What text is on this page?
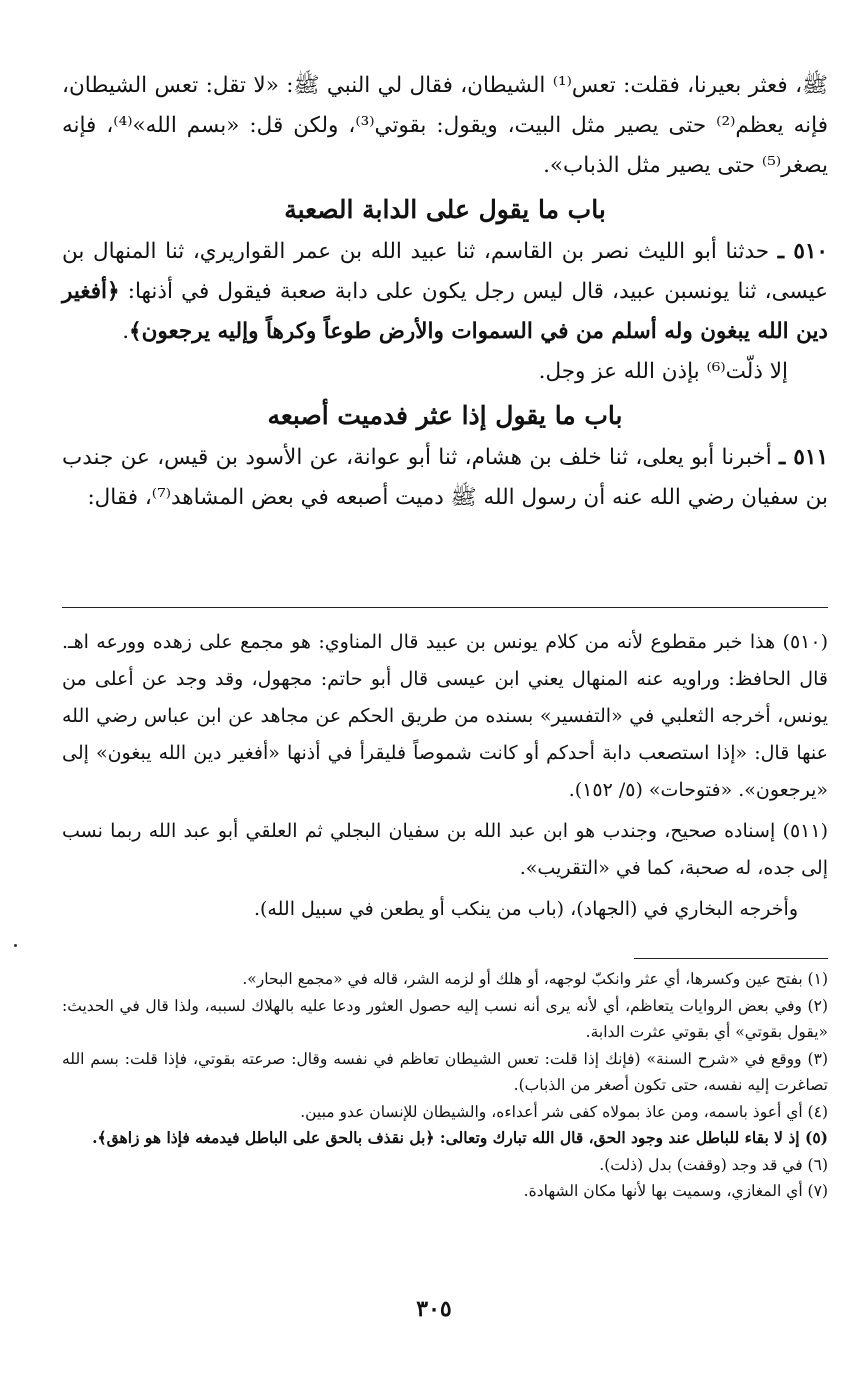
ﷺ، فعثر بعيرنا، فقلت: تعس⁽¹⁾ الشيطان، فقال لي النبي ﷺ: «لا تقل: تعس الشيطان، فإنه يعظم⁽²⁾ حتى يصير مثل البيت، ويقول: بقوتي⁽³⁾، ولكن قل: «بسم الله»⁽⁴⁾، فإنه يصغر⁽⁵⁾ حتى يصير مثل الذباب».

باب ما يقول على الدابة الصعبة

٥١٠ ـ حدثنا أبو الليث نصر بن القاسم، ثنا عبيد الله بن عمر القواريري، ثنا المنهال بن عيسى، ثنا يونسبن عبيد، قال ليس رجل يكون على دابة صعبة فيقول في أذنها: ﴿أفغير دين الله يبغون وله أسلم من في السموات والأرض طوعاً وكرهاً وإليه يرجعون﴾.

إلا ذلّت⁽⁶⁾ بإذن الله عز وجل.

باب ما يقول إذا عثر فدميت أصبعه

٥١١ ـ أخبرنا أبو يعلى، ثنا خلف بن هشام، ثنا أبو عوانة، عن الأسود بن قيس، عن جندب بن سفيان رضي الله عنه أن رسول الله ﷺ دميت أصبعه في بعض المشاهد⁽⁷⁾، فقال:

(٥١٠) هذا خبر مقطوع لأنه من كلام يونس بن عبيد قال المناوي: هو مجمع على زهده وورعه اهـ. قال الحافظ: وراويه عنه المنهال يعني ابن عيسى قال أبو حاتم: مجهول، وقد وجد عن أعلى من يونس، أخرجه الثعلبي في «التفسير» بسنده من طريق الحكم عن مجاهد عن ابن عباس رضي الله عنها قال: «إذا استصعب دابة أحدكم أو كانت شموصاً فليقرأ في أذنها «أفغير دين الله يبغون» إلى «يرجعون». «فتوحات» (٥/ ١٥٢).

(٥١١) إسناده صحيح، وجندب هو ابن عبد الله بن سفيان البجلي ثم العلقي أبو عبد الله ربما نسب إلى جده، له صحبة، كما في «التقريب».

وأخرجه البخاري في (الجهاد)، (باب من ينكب أو يطعن في سبيل الله).

(١) بفتح عين وكسرها، أي عثر وانكبّ لوجهه، أو هلك أو لزمه الشر، قاله في «مجمع البحار».

(٢) وفي بعض الروايات يتعاظم، أي لأنه يرى أنه نسب إليه حصول العثور ودعا عليه بالهلاك لسببه، ولذا قال في الحديث: «يقول بقوتي» أي بقوتي عثرت الدابة.

(٣) ووقع في «شرح السنة» (فإنك إذا قلت: تعس الشيطان تعاظم في نفسه وقال: صرعته بقوتي، فإذا قلت: بسم الله تصاغرت إليه نفسه، حتى تكون أصغر من الذباب).

(٤) أي أعوذ باسمه، ومن عاذ بمولاه كفى شر أعداءه، والشيطان للإنسان عدو مبين.

(٥) إذ لا بقاء للباطل عند وجود الحق، قال الله تبارك وتعالى: ﴿بل نقذف بالحق على الباطل فيدمغه فإذا هو زاهق﴾.

(٦) في قد وجد (وقفت) بدل (ذلت).

(٧) أي المغازي، وسميت بها لأنها مكان الشهادة.

٣٠٥
